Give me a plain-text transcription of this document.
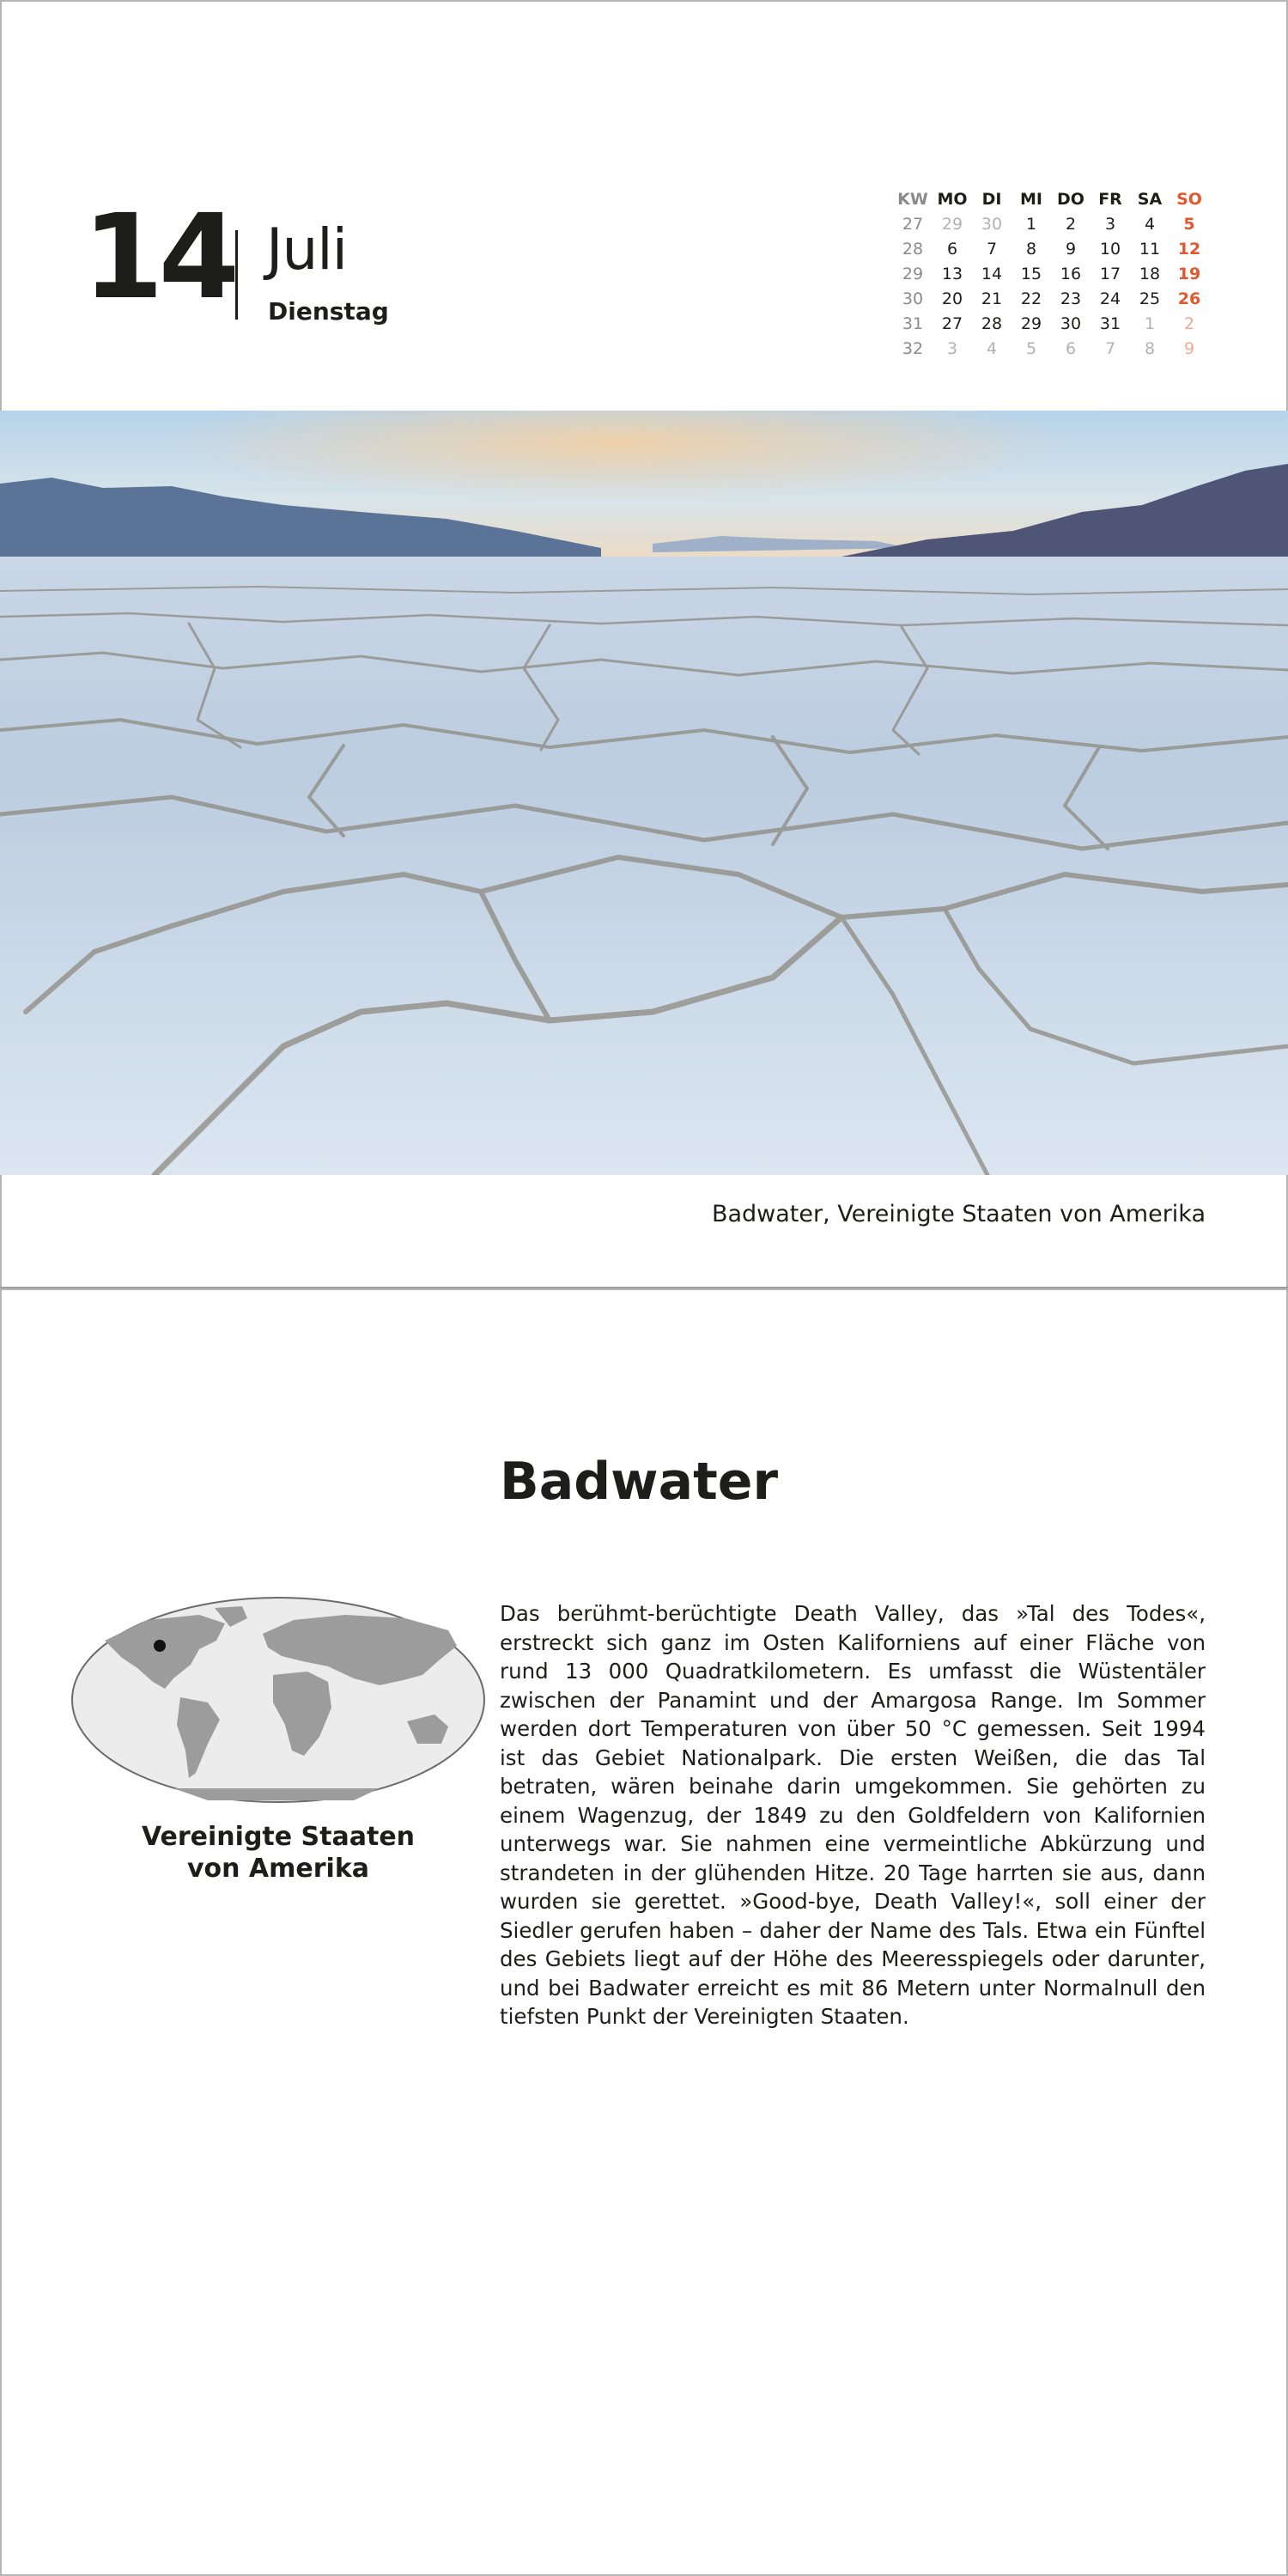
14 Juli
Dienstag
KW	MO	DI	MI	DO	FR	SA	SO
27	29	30	1	2	3	4	5
28	6	7	8	9	10	11	12
29	13	14	15	16	17	18	19
30	20	21	22	23	24	25	26
31	27	28	29	30	31	1	2
32	3	4	5	6	7	8	9
Badwater, Vereinigte Staaten von Amerika
Badwater
Vereinigte Staaten
von Amerika
Das berühmt-berüchtigte Death Valley, das »Tal des Todes«, erstreckt sich ganz im Osten Kaliforniens auf einer Fläche von rund 13 000 Quadratkilometern. Es umfasst die Wüstentäler zwischen der Panamint und der Amargosa Range. Im Sommer werden dort Temperaturen von über 50 °C gemessen. Seit 1994 ist das Gebiet Nationalpark. Die ersten Weißen, die das Tal betraten, wären beinahe darin umgekommen. Sie gehörten zu einem Wagenzug, der 1849 zu den Goldfeldern von Kalifornien unterwegs war. Sie nahmen eine vermeintliche Abkürzung und strandeten in der glühenden Hitze. 20 Tage harrten sie aus, dann wurden sie gerettet. »Good-bye, Death Valley!«, soll einer der Siedler gerufen haben – daher der Name des Tals. Etwa ein Fünftel des Gebiets liegt auf der Höhe des Meeresspiegels oder darunter, und bei Badwater erreicht es mit 86 Metern unter Normalnull den tiefsten Punkt der Vereinigten Staaten.
